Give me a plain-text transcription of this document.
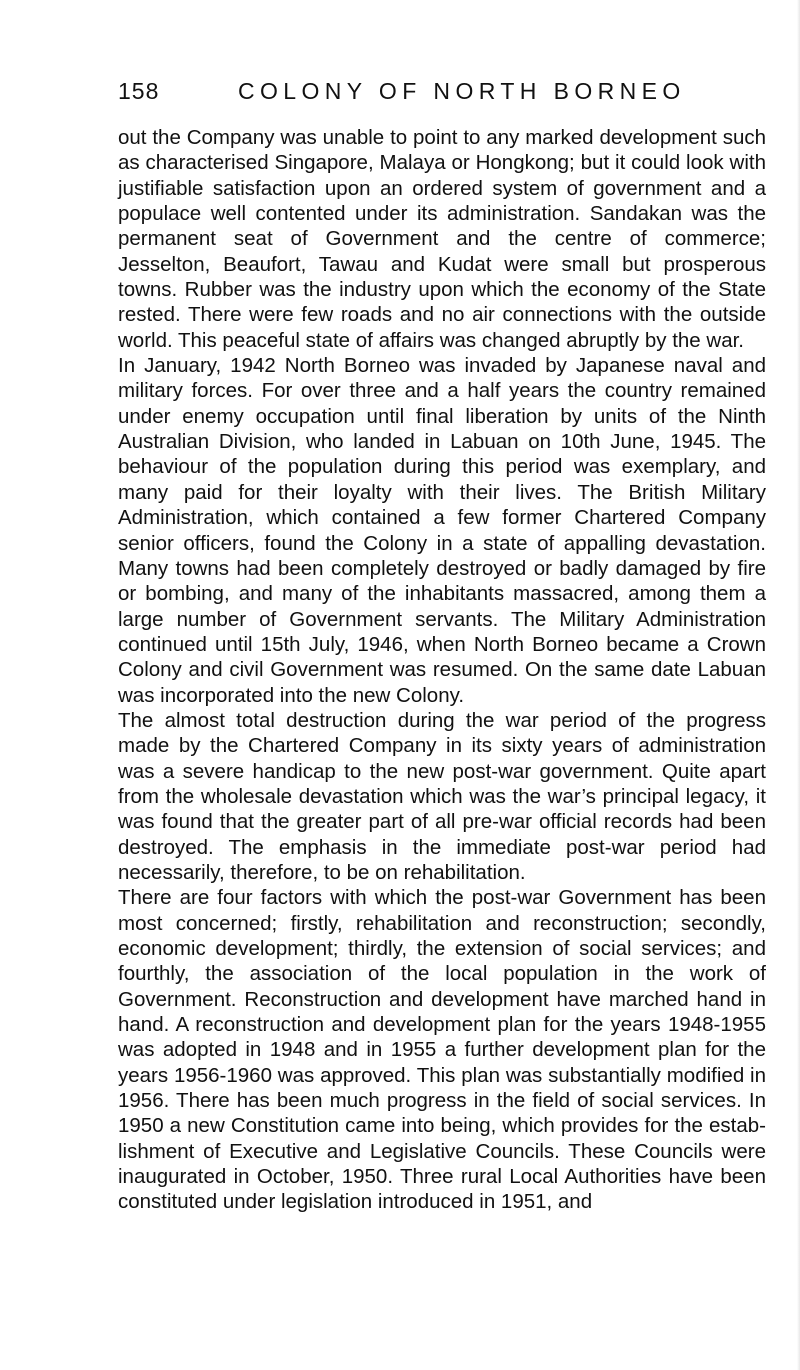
158	COLONY OF NORTH BORNEO

out the Company was unable to point to any marked development such as characterised Singapore, Malaya or Hongkong; but it could look with justifiable satisfaction upon an ordered system of government and a populace well contented under its administration. Sandakan was the permanent seat of Government and the centre of commerce; Jesselton, Beaufort, Tawau and Kudat were small but prosperous towns. Rubber was the industry upon which the economy of the State rested. There were few roads and no air connections with the outside world. This peaceful state of affairs was changed abruptly by the war.

In January, 1942 North Borneo was invaded by Japanese naval and military forces. For over three and a half years the country remained under enemy occupation until final liberation by units of the Ninth Australian Division, who landed in Labuan on 10th June, 1945. The behaviour of the population during this period was exemplary, and many paid for their loyalty with their lives. The British Military Administration, which contained a few former Chartered Company senior officers, found the Colony in a state of appalling devastation. Many towns had been completely destroyed or badly damaged by fire or bombing, and many of the inhabitants massacred, among them a large number of Government servants. The Military Administration continued until 15th July, 1946, when North Borneo became a Crown Colony and civil Government was resumed. On the same date Labuan was incorporated into the new Colony.

The almost total destruction during the war period of the progress made by the Chartered Company in its sixty years of administration was a severe handicap to the new post-war government. Quite apart from the wholesale devastation which was the war’s principal legacy, it was found that the greater part of all pre-war official records had been destroyed. The emphasis in the immediate post-war period had necessarily, therefore, to be on rehabilitation.

There are four factors with which the post-war Government has been most concerned; firstly, rehabilitation and reconstruction; secondly, economic development; thirdly, the extension of social services; and fourthly, the association of the local population in the work of Government. Reconstruction and development have marched hand in hand. A reconstruction and development plan for the years 1948-1955 was adopted in 1948 and in 1955 a further development plan for the years 1956-1960 was approved. This plan was substantially modified in 1956. There has been much progress in the field of social services. In 1950 a new Constitution came into being, which provides for the establishment of Executive and Legislative Councils. These Councils were inaugurated in October, 1950. Three rural Local Authorities have been constituted under legislation introduced in 1951, and
